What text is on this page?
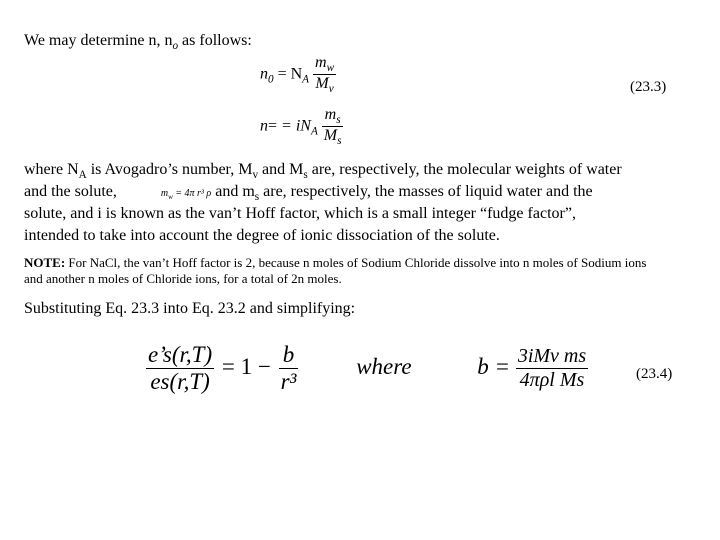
We may determine n, $n_o$ as follows:
$n_0 = N_A \frac{m_w}{M_v}$	(23.3)
$n= = iN_A \frac{m_s}{M_s}$
where $N_A$ is Avogadro’s number, $M_v$ and $M_s$ are, respectively, the molecular weights of water
and the solute,	$m_w = 4\pi$ r³ ρ and $m_s$ are, respectively, the masses of liquid water and the
solute, and i is known as the van’t Hoff factor, which is a small integer “fudge factor”,
intended to take into account the degree of ionic dissociation of the solute.
NOTE: For NaCl, the van’t Hoff factor is 2, because n moles of Sodium Chloride dissolve into n moles of Sodium ions
and another n moles of Chloride ions, for a total of 2n moles.
Substituting Eq. 23.3 into Eq. 23.2 and simplifying:
$\frac{e’s(r,T)}{es(r,T)} = 1 - \frac{b}{\text{r³}}$	where	$b = \frac{\text{3iMv ms}}{\text{4πρl Ms}}$	(23.4)
